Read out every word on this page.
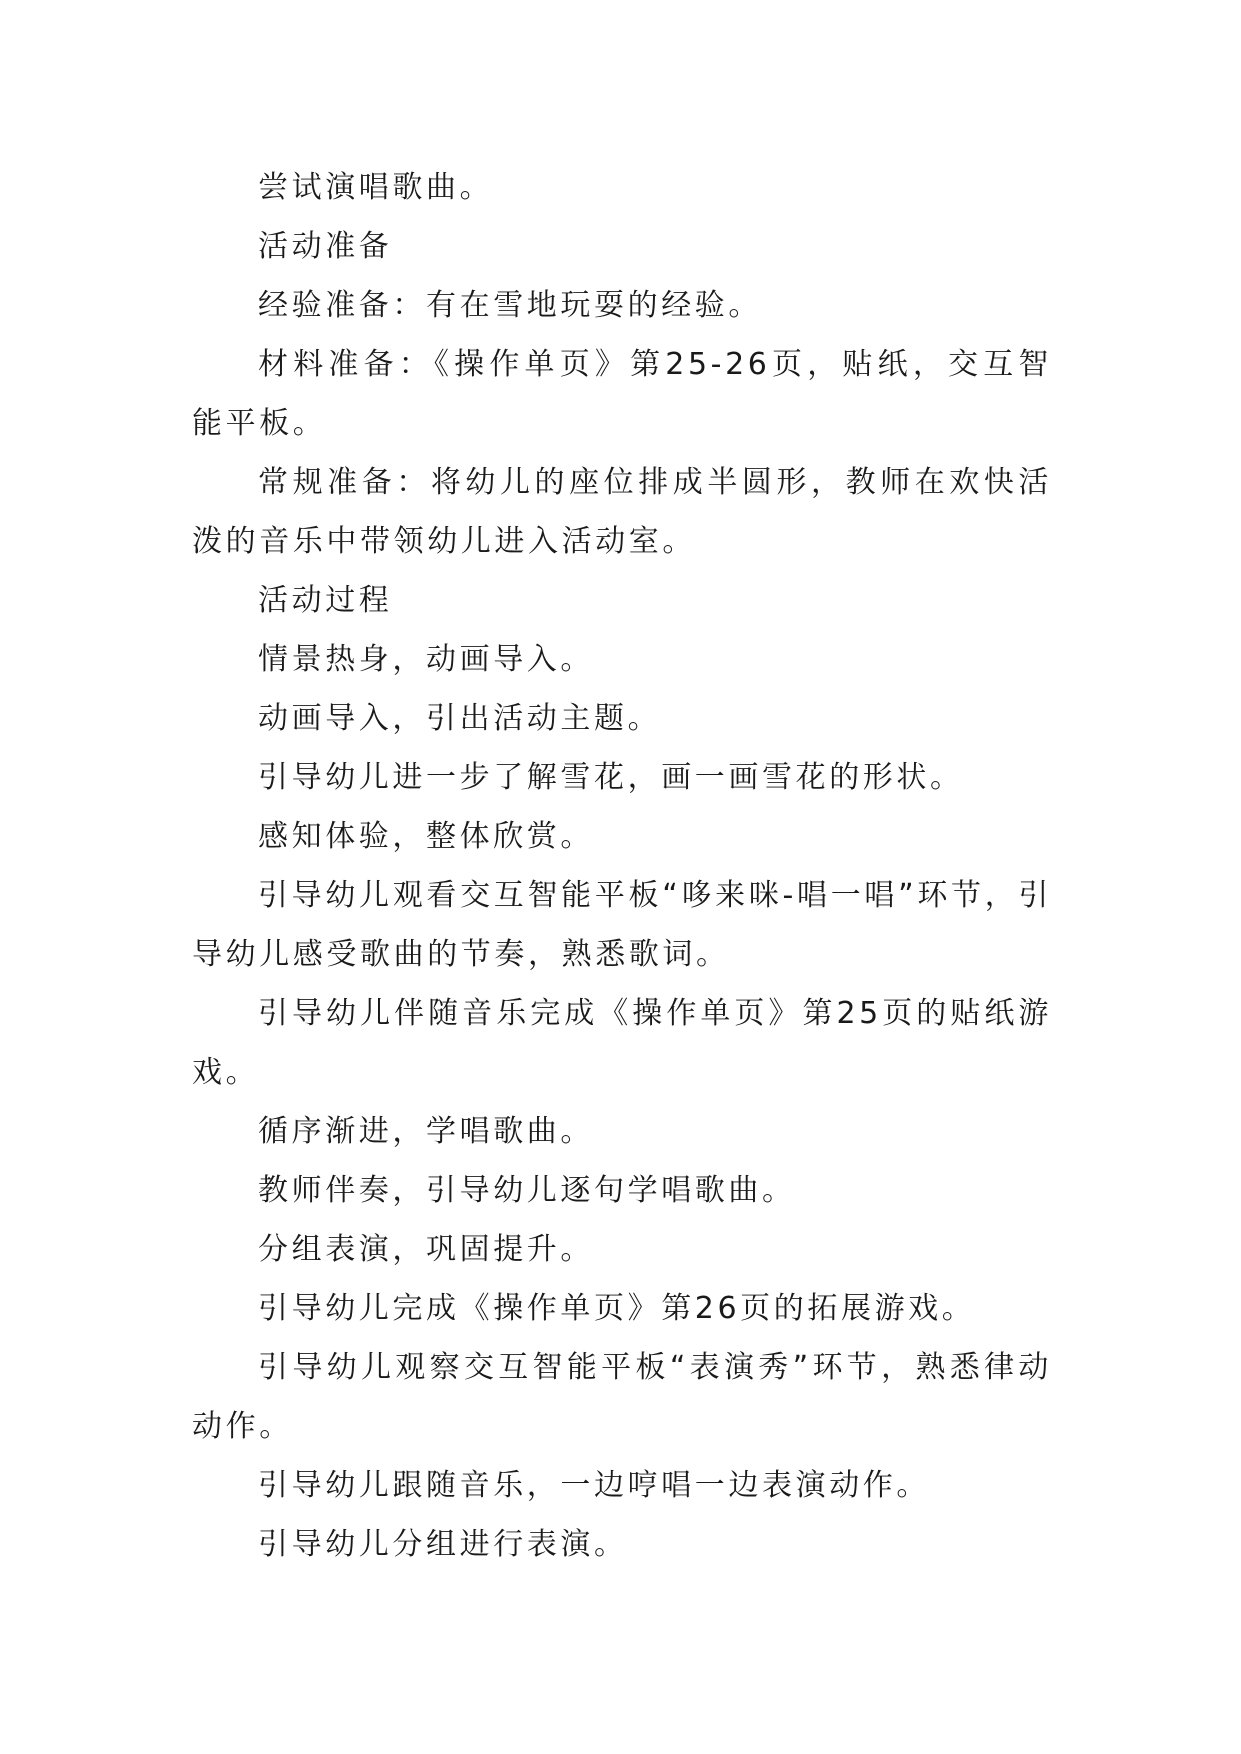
尝试演唱歌曲。

活动准备

经验准备：有在雪地玩耍的经验。

材料准备：《操作单页》第25-26页，贴纸，交互智能平板。

常规准备：将幼儿的座位排成半圆形，教师在欢快活泼的音乐中带领幼儿进入活动室。

活动过程

情景热身，动画导入。

动画导入，引出活动主题。

引导幼儿进一步了解雪花，画一画雪花的形状。

感知体验，整体欣赏。

引导幼儿观看交互智能平板“哆来咪-唱一唱”环节，引导幼儿感受歌曲的节奏，熟悉歌词。

引导幼儿伴随音乐完成《操作单页》第25页的贴纸游戏。

循序渐进，学唱歌曲。

教师伴奏，引导幼儿逐句学唱歌曲。

分组表演，巩固提升。

引导幼儿完成《操作单页》第26页的拓展游戏。

引导幼儿观察交互智能平板“表演秀”环节，熟悉律动动作。

引导幼儿跟随音乐，一边哼唱一边表演动作。

引导幼儿分组进行表演。
